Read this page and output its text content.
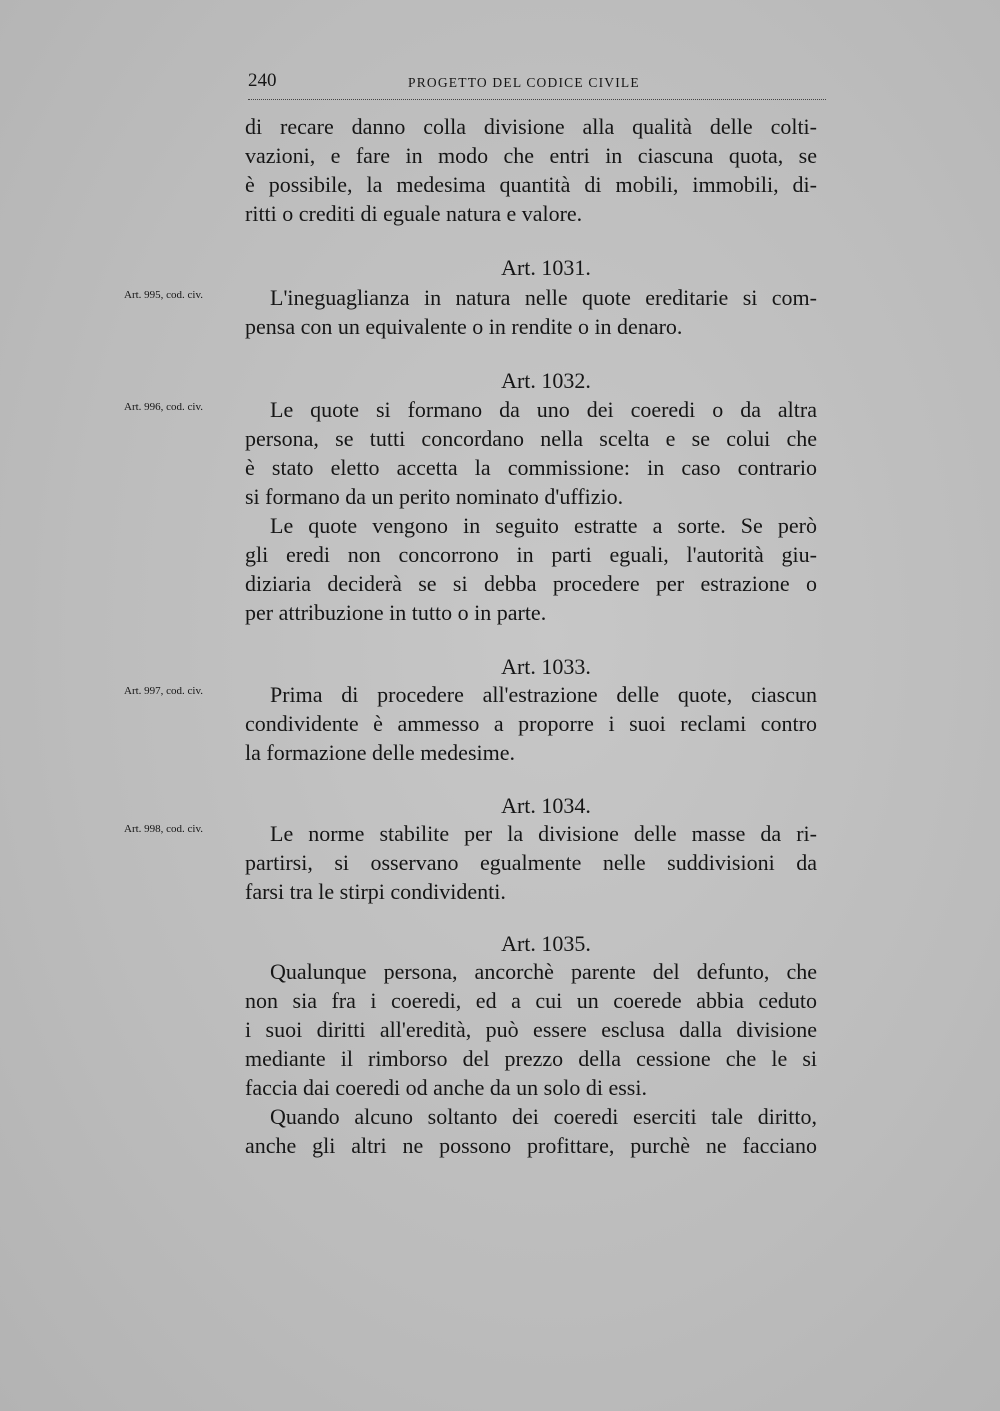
240	PROGETTO DEL CODICE CIVILE
di recare danno colla divisione alla qualità delle colti-
vazioni, e fare in modo che entri in ciascuna quota, se
è possibile, la medesima quantità di mobili, immobili, di-
ritti o crediti di eguale natura e valore.
Art. 1031.
Art. 995, cod. civ.	L'ineguaglianza in natura nelle quote ereditarie si com-
pensa con un equivalente o in rendite o in denaro.
Art. 1032.
Art. 996, cod. civ.	Le quote si formano da uno dei coeredi o da altra
persona, se tutti concordano nella scelta e se colui che
è stato eletto accetta la commissione: in caso contrario
si formano da un perito nominato d'uffizio.
Le quote vengono in seguito estratte a sorte. Se però
gli eredi non concorrono in parti eguali, l'autorità giu-
diziaria deciderà se si debba procedere per estrazione o
per attribuzione in tutto o in parte.
Art. 1033.
Art. 997, cod. civ.	Prima di procedere all'estrazione delle quote, ciascun
condividente è ammesso a proporre i suoi reclami contro
la formazione delle medesime.
Art. 1034.
Art. 998, cod. civ.	Le norme stabilite per la divisione delle masse da ri-
partirsi, si osservano egualmente nelle suddivisioni da
farsi tra le stirpi condividenti.
Art. 1035.
Qualunque persona, ancorchè parente del defunto, che
non sia fra i coeredi, ed a cui un coerede abbia ceduto
i suoi diritti all'eredità, può essere esclusa dalla divisione
mediante il rimborso del prezzo della cessione che le si
faccia dai coeredi od anche da un solo di essi.
Quando alcuno soltanto dei coeredi eserciti tale diritto,
anche gli altri ne possono profittare, purchè ne facciano
